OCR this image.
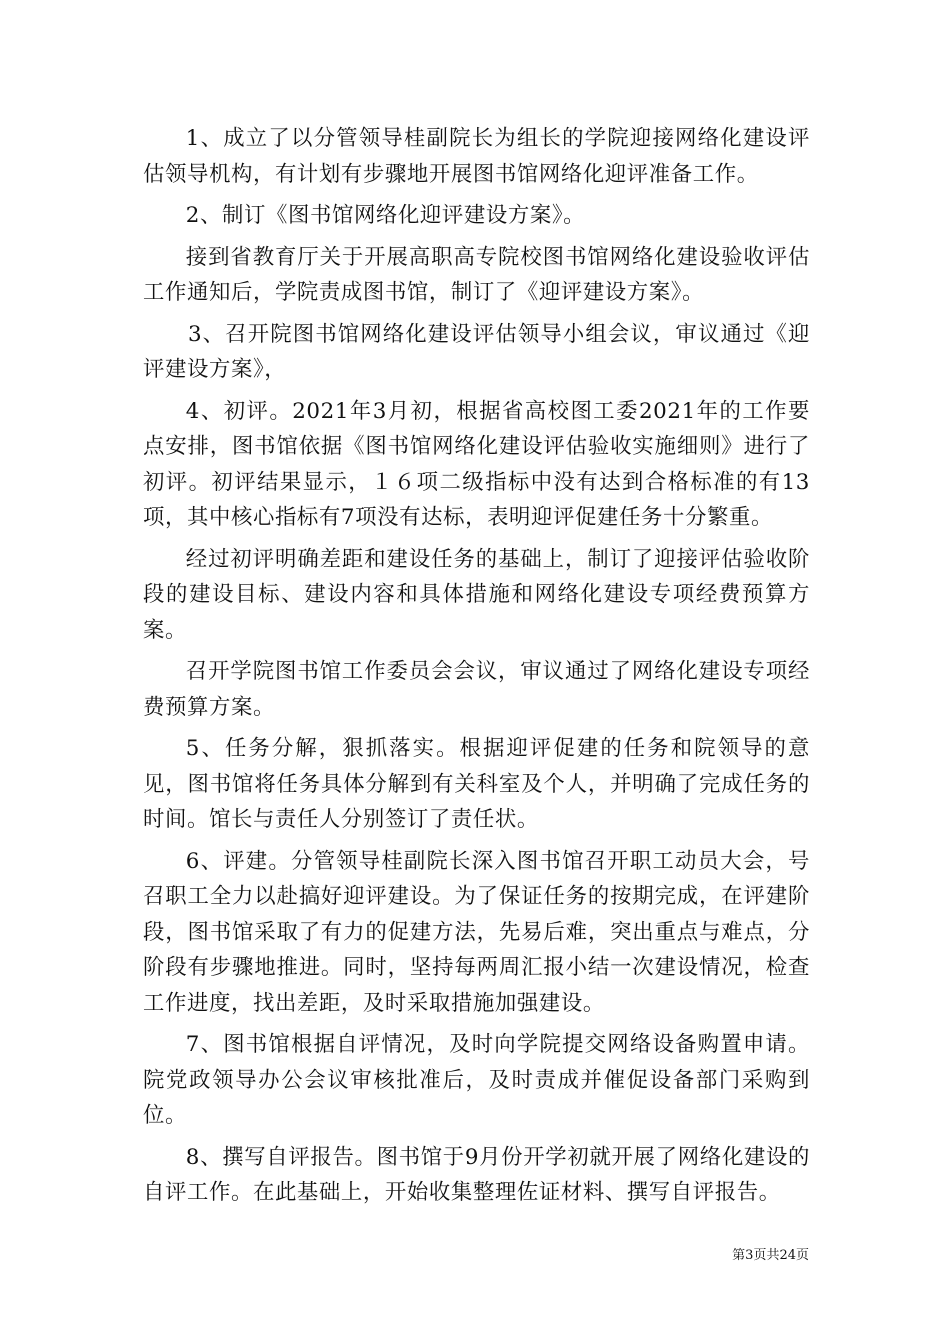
1、成立了以分管领导桂副院长为组长的学院迎接网络化建设评估领导机构，有计划有步骤地开展图书馆网络化迎评准备工作。

2、制订《图书馆网络化迎评建设方案》。

接到省教育厅关于开展高职高专院校图书馆网络化建设验收评估工作通知后，学院责成图书馆，制订了《迎评建设方案》。

3、召开院图书馆网络化建设评估领导小组会议，审议通过《迎评建设方案》，

4、初评。2021年3月初，根据省高校图工委2021年的工作要点安排，图书馆依据《图书馆网络化建设评估验收实施细则》进行了初评。初评结果显示，１６项二级指标中没有达到合格标准的有13项，其中核心指标有7项没有达标，表明迎评促建任务十分繁重。

经过初评明确差距和建设任务的基础上，制订了迎接评估验收阶段的建设目标、建设内容和具体措施和网络化建设专项经费预算方案。

召开学院图书馆工作委员会会议，审议通过了网络化建设专项经费预算方案。

5、任务分解，狠抓落实。根据迎评促建的任务和院领导的意见，图书馆将任务具体分解到有关科室及个人，并明确了完成任务的时间。馆长与责任人分别签订了责任状。

6、评建。分管领导桂副院长深入图书馆召开职工动员大会，号召职工全力以赴搞好迎评建设。为了保证任务的按期完成，在评建阶段，图书馆采取了有力的促建方法，先易后难，突出重点与难点，分阶段有步骤地推进。同时，坚持每两周汇报小结一次建设情况，检查工作进度，找出差距，及时采取措施加强建设。

7、图书馆根据自评情况，及时向学院提交网络设备购置申请。院党政领导办公会议审核批准后，及时责成并催促设备部门采购到位。

8、撰写自评报告。图书馆于9月份开学初就开展了网络化建设的自评工作。在此基础上，开始收集整理佐证材料、撰写自评报告。

第3页共24页
